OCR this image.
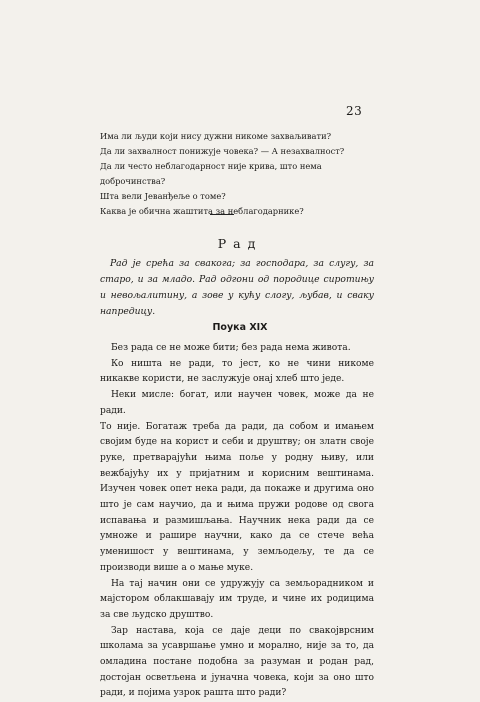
23

Има ли људи који нису дужни никоме захваљивати?

Да ли захвалност понижује човека? — А незахвалност?

Да ли често неблагодарност није крива, што нема доброчинства?

Шта вели Јеванђеље о томе?

Каква је обична жаштита за неблагодарнике?

Рад
Рад је срећа за свакога; за господара, за слугу, за старо, и за младо. Рад одгони од породице сиротињу и невољалитину, а зове у кућу слогу, љубав, и сваку напредицу.
Поука XIX

Без рада се не може бити; без рада нема живота.

Ко ништа не ради, то јест, ко не чини никоме никакве користи, не заслужује онај хлеб што једе.

Неки мисле: богат, или научен човек, може да не ради.

То није. Богатаж треба да ради, да собом и имањем својим буде на корист и себи и друштву; он златн своје руке, претварајући њима поље у родну њиву, или вежбајућу их у пријатним и корисним вештинама. Изучен човек опет нека ради, да покаже и другима оно што је сам научио, да и њима пружи родове од свога испавања и размишљања. Научник нека ради да се умноже и рашире научни, како да се стече већа уменишост у вештинама, у земљодељу, те да се производи више а о мање муке.

На тај начин они се удружују са земљорадником и мајстором облакшавају им труде, и чине их родицима за све људско друштво.

Зар настава, која се даје деци по свакојврсним школама за усавршање умно и морално, није за то, да омладина постане подобна за разуман и родан рад, достојан осветљена и јуначна човека, који за оно што ради, и појима узрок рашта што ради?
